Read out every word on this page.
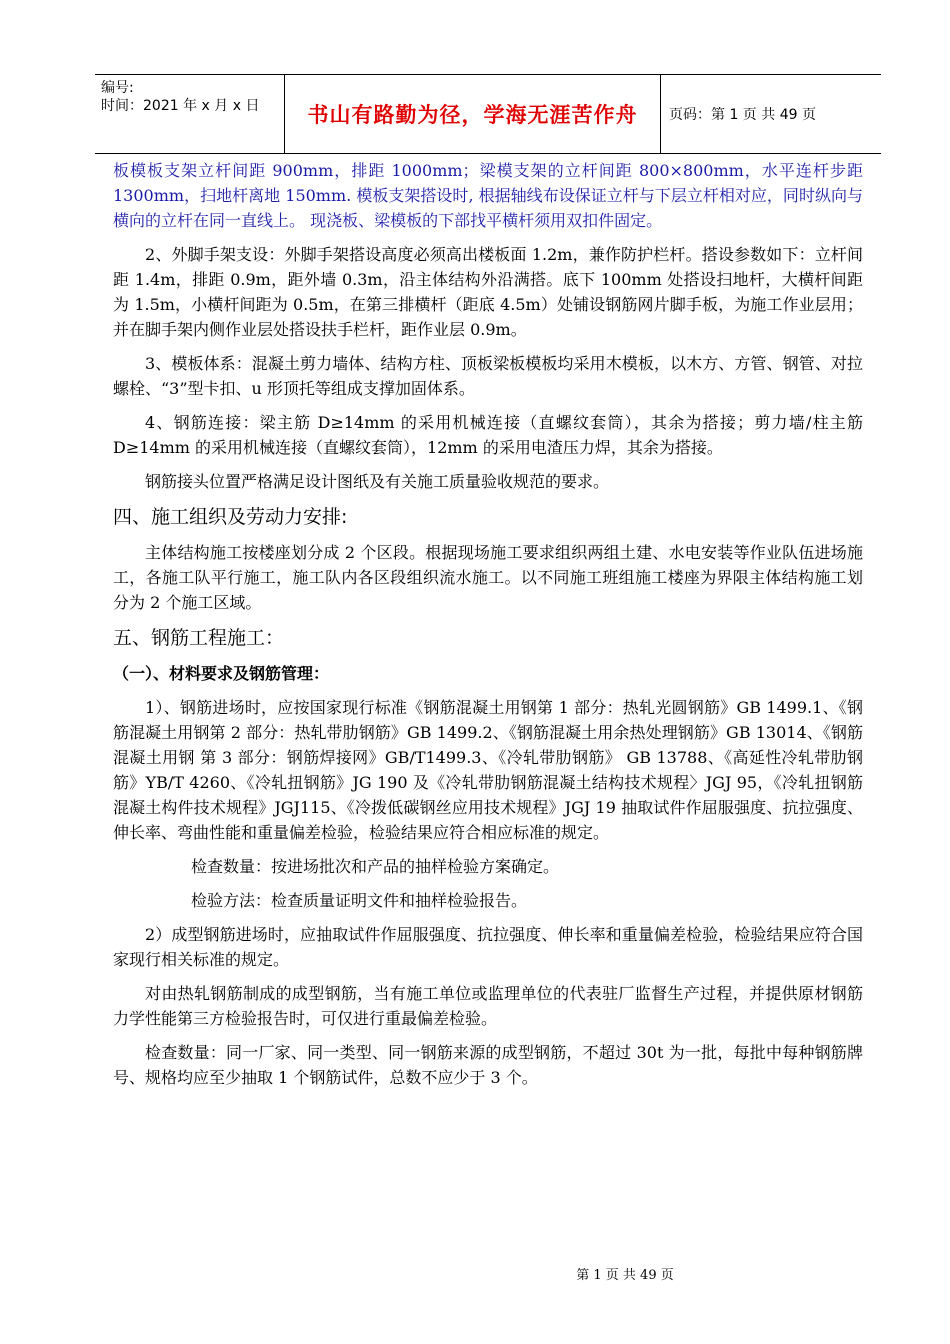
编号:
时间：2021 年 x 月 x 日	书山有路勤为径，学海无涯苦作舟	页码：第 1 页 共 49 页

板模板支架立杆间距 900mm，排距 1000mm；梁模支架的立杆间距 800×800mm，水平连杆步距 1300mm，扫地杆离地 150mm. 模板支架搭设时, 根据轴线布设保证立杆与下层立杆相对应，同时纵向与横向的立杆在同一直线上。 现浇板、梁模板的下部找平横杆须用双扣件固定。

2、外脚手架支设：外脚手架搭设高度必须高出楼板面 1.2m，兼作防护栏杆。搭设参数如下：立杆间距 1.4m，排距 0.9m，距外墙 0.3m，沿主体结构外沿满搭。底下 100mm 处搭设扫地杆，大横杆间距为 1.5m，小横杆间距为 0.5m，在第三排横杆（距底 4.5m）处铺设钢筋网片脚手板，为施工作业层用；并在脚手架内侧作业层处搭设扶手栏杆，距作业层 0.9m。

3、模板体系：混凝土剪力墙体、结构方柱、顶板梁板模板均采用木模板，以木方、方管、钢管、对拉螺栓、“3”型卡扣、u 形顶托等组成支撑加固体系。

4、钢筋连接：梁主筋 D≥14mm 的采用机械连接（直螺纹套筒），其余为搭接；剪力墙/柱主筋 D≥14mm 的采用机械连接（直螺纹套筒），12mm 的采用电渣压力焊，其余为搭接。

钢筋接头位置严格满足设计图纸及有关施工质量验收规范的要求。

四、施工组织及劳动力安排:

主体结构施工按楼座划分成 2 个区段。根据现场施工要求组织两组土建、水电安装等作业队伍进场施工，各施工队平行施工，施工队内各区段组织流水施工。以不同施工班组施工楼座为界限主体结构施工划分为 2 个施工区域。

五、钢筋工程施工：
（一）、材料要求及钢筋管理：

1）、钢筋进场时，应按国家现行标准《钢筋混凝土用钢第 1 部分：热轧光圆钢筋》GB 1499.1、《钢筋混凝土用钢第 2 部分：热轧带肋钢筋》GB 1499.2、《钢筋混凝土用余热处理钢筋》GB 13014、《钢筋混凝土用钢 第 3 部分：钢筋焊接网》GB/T1499.3、《冷轧带肋钢筋》 GB 13788、《高延性冷轧带肋钢筋》YB/T 4260、《冷轧扭钢筋》JG 190 及《冷轧带肋钢筋混凝土结构技术规程〉JGJ 95，《冷轧扭钢筋混凝土构件技术规程》JGJ115、《冷拨低碳钢丝应用技术规程》JGJ 19 抽取试件作屈服强度、抗拉强度、伸长率、弯曲性能和重量偏差检验，检验结果应符合相应标准的规定。

检查数量：按进场批次和产品的抽样检验方案确定。

检验方法：检查质量证明文件和抽样检验报告。

2）成型钢筋进场时，应抽取试件作屈服强度、抗拉强度、伸长率和重量偏差检验，检验结果应符合国家现行相关标准的规定。

对由热轧钢筋制成的成型钢筋，当有施工单位或监理单位的代表驻厂监督生产过程，并提供原材钢筋力学性能第三方检验报告时，可仅进行重最偏差检验。

检查数量：同一厂家、同一类型、同一钢筋来源的成型钢筋，不超过 30t 为一批，每批中每种钢筋牌号、规格均应至少抽取 1 个钢筋试件，总数不应少于 3 个。

第 1 页 共 49 页
